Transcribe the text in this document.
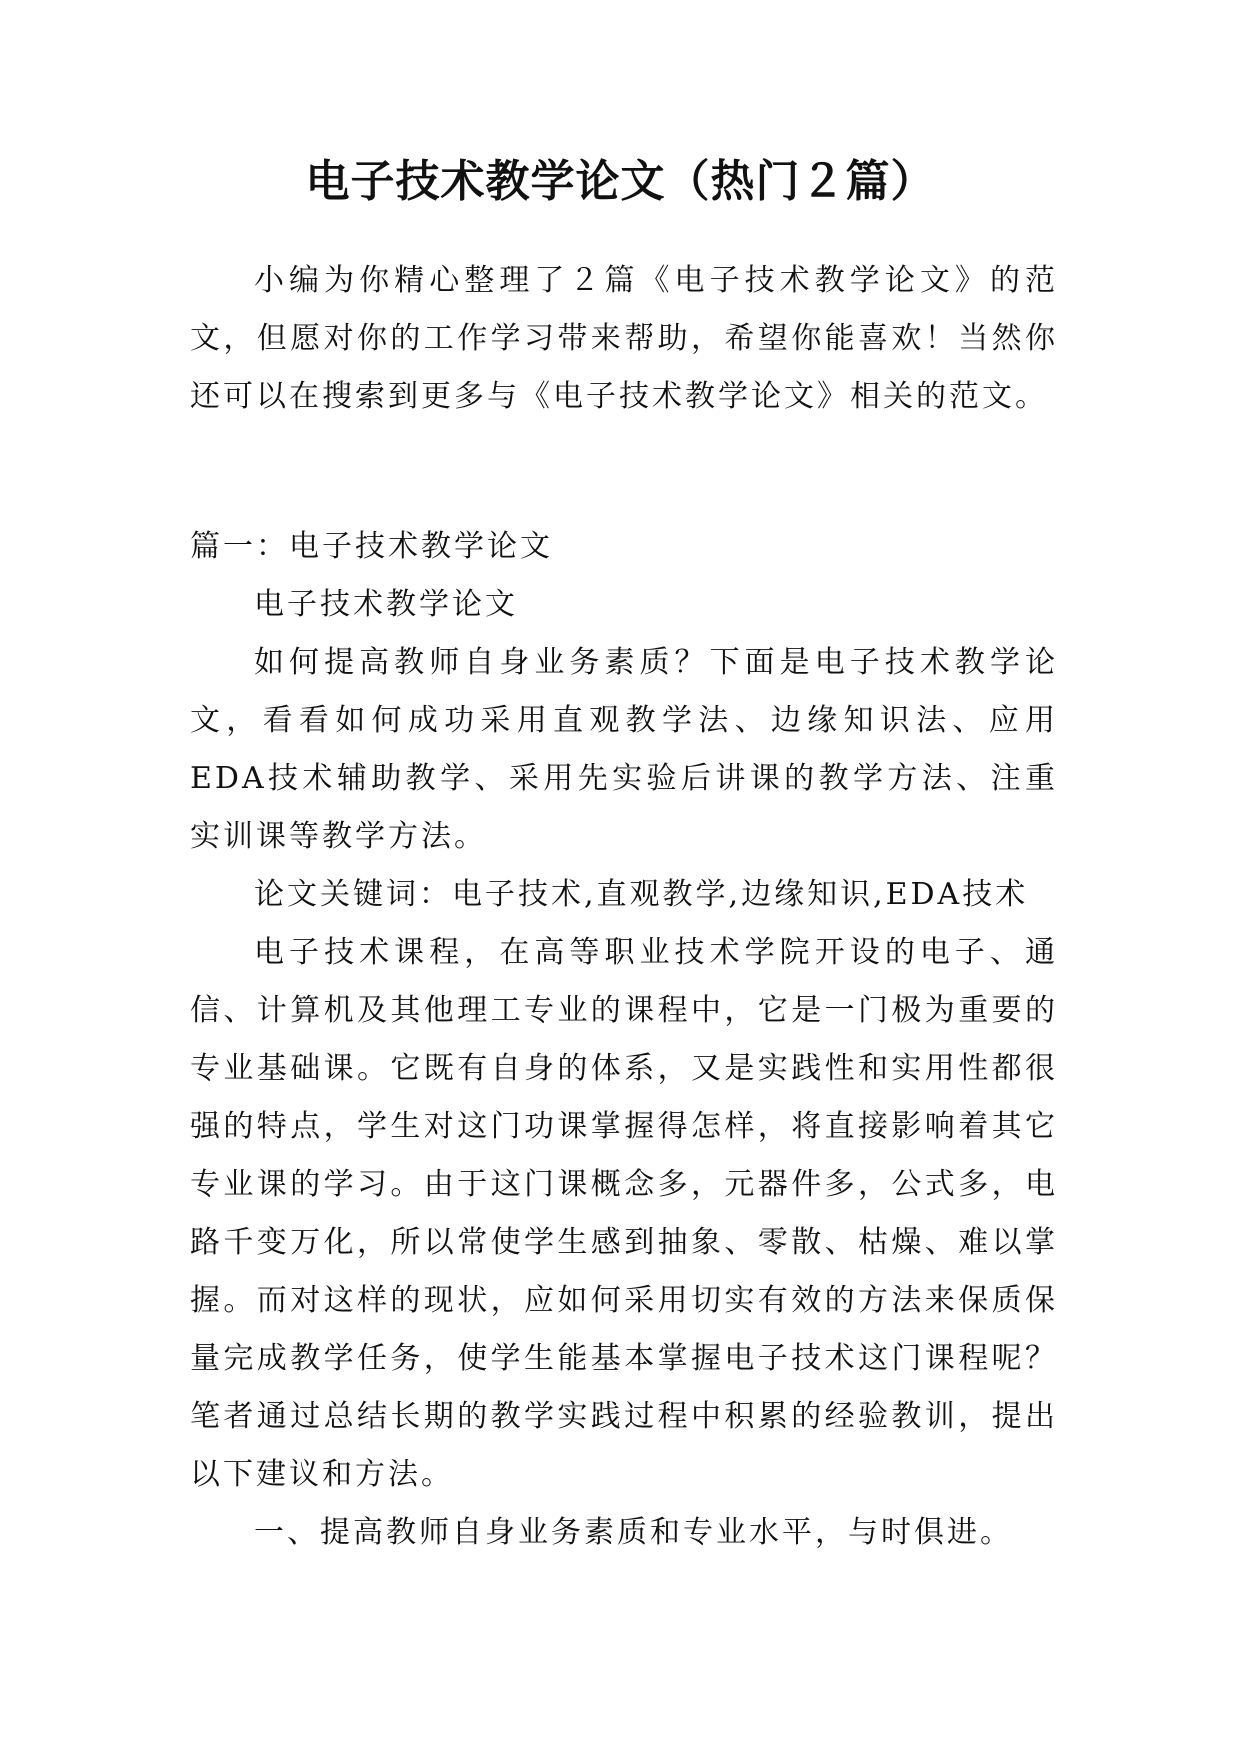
电子技术教学论文（热门２篇）

小编为你精心整理了２篇《电子技术教学论文》的范文，但愿对你的工作学习带来帮助，希望你能喜欢！当然你还可以在搜索到更多与《电子技术教学论文》相关的范文。

篇一：电子技术教学论文

电子技术教学论文

如何提高教师自身业务素质？下面是电子技术教学论文，看看如何成功采用直观教学法、边缘知识法、应用EDA技术辅助教学、采用先实验后讲课的教学方法、注重实训课等教学方法。

论文关键词：电子技术,直观教学,边缘知识,EDA技术

电子技术课程，在高等职业技术学院开设的电子、通信、计算机及其他理工专业的课程中，它是一门极为重要的专业基础课。它既有自身的体系，又是实践性和实用性都很强的特点，学生对这门功课掌握得怎样，将直接影响着其它专业课的学习。由于这门课概念多，元器件多，公式多，电路千变万化，所以常使学生感到抽象、零散、枯燥、难以掌握。而对这样的现状，应如何采用切实有效的方法来保质保量完成教学任务，使学生能基本掌握电子技术这门课程呢？笔者通过总结长期的教学实践过程中积累的经验教训，提出以下建议和方法。

一、提高教师自身业务素质和专业水平，与时俱进。
